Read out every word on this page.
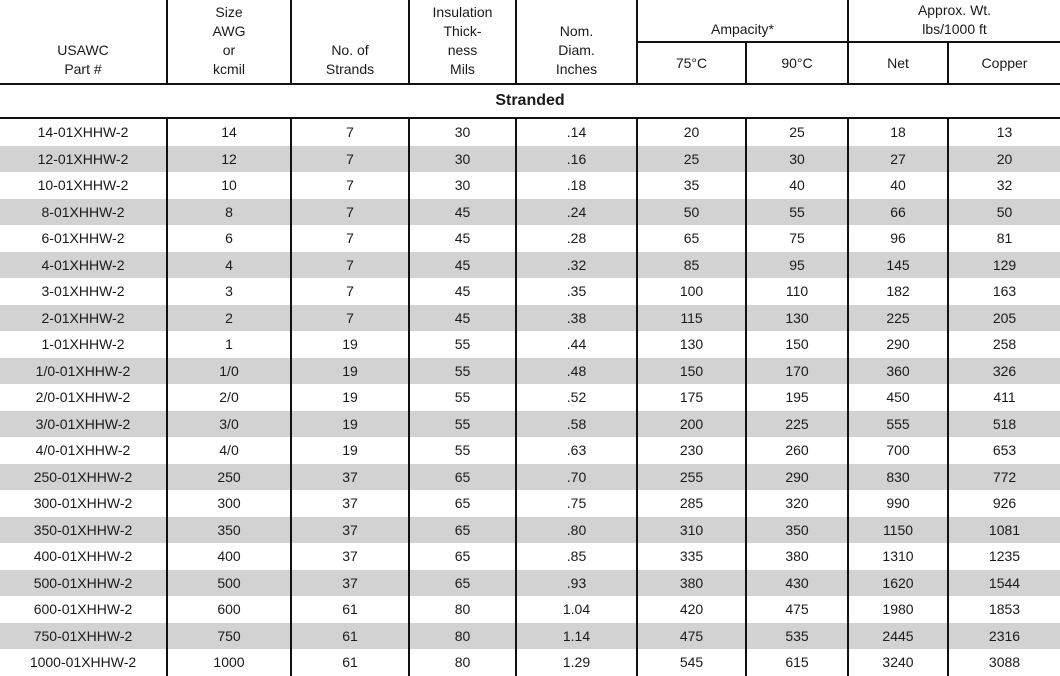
USAWC
Part #	Size
AWG
or
kcmil	No. of
Strands	Insulation
Thick-
ness
Mils	Nom.
Diam.
Inches	Ampacity*		Approx. Wt.
lbs/1000 ft	
					75°C	90°C	Net	Copper
Stranded								
14-01XHHW-2	14	7	30	.14	20	25	18	13
12-01XHHW-2	12	7	30	.16	25	30	27	20
10-01XHHW-2	10	7	30	.18	35	40	40	32
8-01XHHW-2	8	7	45	.24	50	55	66	50
6-01XHHW-2	6	7	45	.28	65	75	96	81
4-01XHHW-2	4	7	45	.32	85	95	145	129
3-01XHHW-2	3	7	45	.35	100	110	182	163
2-01XHHW-2	2	7	45	.38	115	130	225	205
1-01XHHW-2	1	19	55	.44	130	150	290	258
1/0-01XHHW-2	1/0	19	55	.48	150	170	360	326
2/0-01XHHW-2	2/0	19	55	.52	175	195	450	411
3/0-01XHHW-2	3/0	19	55	.58	200	225	555	518
4/0-01XHHW-2	4/0	19	55	.63	230	260	700	653
250-01XHHW-2	250	37	65	.70	255	290	830	772
300-01XHHW-2	300	37	65	.75	285	320	990	926
350-01XHHW-2	350	37	65	.80	310	350	1150	1081
400-01XHHW-2	400	37	65	.85	335	380	1310	1235
500-01XHHW-2	500	37	65	.93	380	430	1620	1544
600-01XHHW-2	600	61	80	1.04	420	475	1980	1853
750-01XHHW-2	750	61	80	1.14	475	535	2445	2316
1000-01XHHW-2	1000	61	80	1.29	545	615	3240	3088
